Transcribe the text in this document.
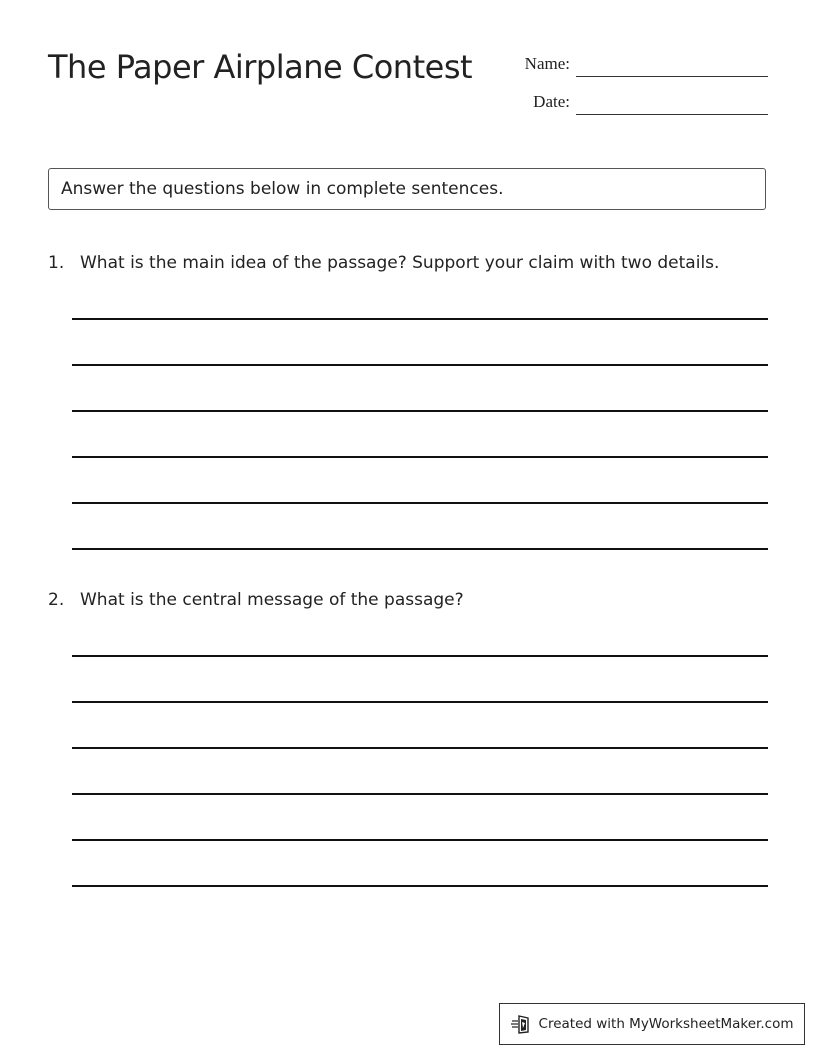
The Paper Airplane Contest	Name:
Date:
Answer the questions below in complete sentences.
1. What is the main idea of the passage? Support your claim with two details.
2. What is the central message of the passage?
Created with MyWorksheetMaker.com
